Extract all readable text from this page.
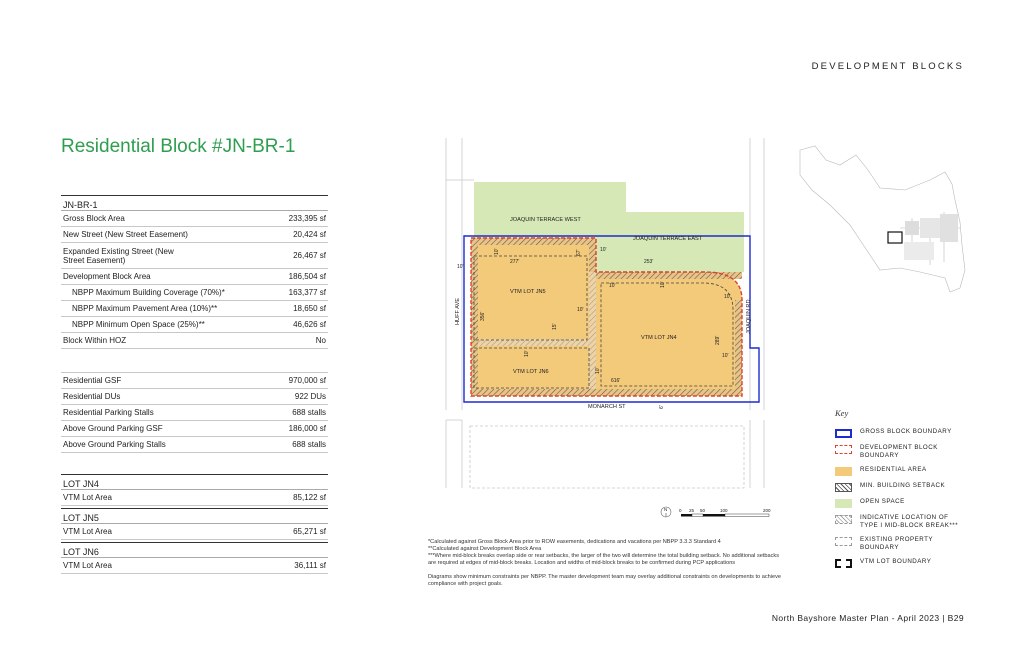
DEVELOPMENT BLOCKS
Residential Block #JN-BR-1
JN-BR-1
Gross Block Area	233,395 sf
New Street (New Street Easement)	20,424 sf
Expanded Existing Street (New Street Easement)	26,467 sf
Development Block Area	186,504 sf
NBPP Maximum Building Coverage (70%)*	163,377 sf
NBPP Maximum Pavement Area (10%)**	18,650 sf
NBPP Minimum Open Space (25%)**	46,626 sf
Block Within HOZ	No
Residential GSF	970,000 sf
Residential DUs	922 DUs
Residential Parking Stalls	688 stalls
Above Ground Parking GSF	186,000 sf
Above Ground Parking Stalls	688 stalls
LOT JN4
VTM Lot Area	85,122 sf
LOT JN5
VTM Lot Area	65,271 sf
LOT JN6
VTM Lot Area	36,111 sf
JOAQUIN TERRACE WEST
JOAQUIN TERRACE EAST
MONARCH ST
VTM LOT JN5
VTM LOT JN4
VTM LOT JN6
HUFF AVE	JOAQUIN RD
10'
10'	67'
277'
10'
253'
10'	10'
10'
356'
10'
15'
10'
289'
10'
10'
616'
6'
N	0 25 50	100	200
Key
GROSS BLOCK BOUNDARY
DEVELOPMENT BLOCK BOUNDARY
RESIDENTIAL AREA
MIN. BUILDING SETBACK
OPEN SPACE
INDICATIVE LOCATION OF TYPE I MID-BLOCK BREAK***
EXISTING PROPERTY BOUNDARY
VTM LOT BOUNDARY
*Calculated against Gross Block Area prior to ROW easements, dedications and vacations per NBPP 3.3.3 Standard 4
**Calculated against Development Block Area

***Where mid-block breaks overlap side or rear setbacks, the larger of the two will determine the total building setback. No additional setbacks are required at edges of mid-block breaks. Location and widths of mid-block breaks to be confirmed during PCP applications

Diagrams show minimum constraints per NBPP. The master development team may overlay additional constraints on developments to achieve compliance with project goals.

North Bayshore Master Plan - April 2023 | B29
